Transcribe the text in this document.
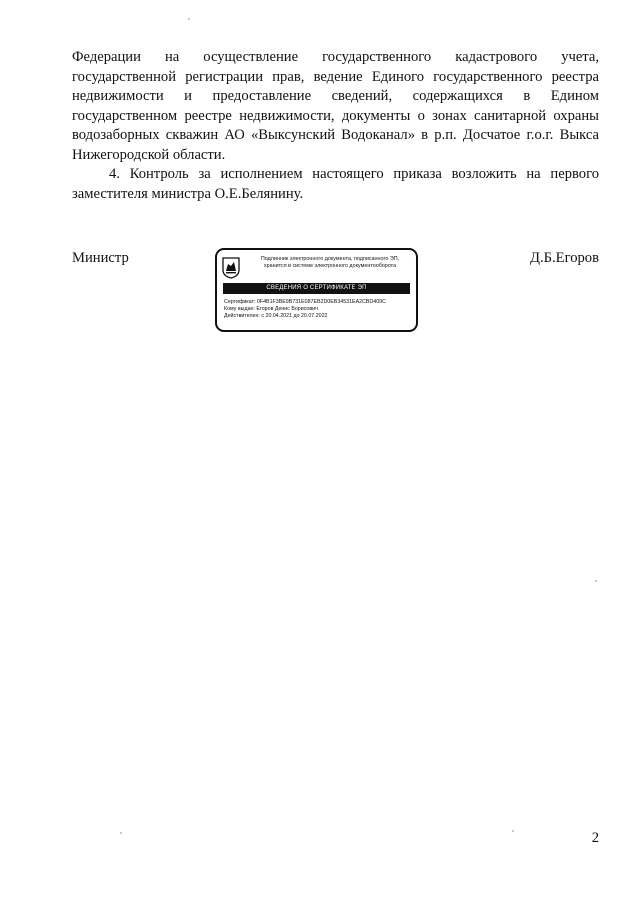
Федерации на осуществление государственного кадастрового учета, государственной регистрации прав, ведение Единого государственного реестра недвижимости и предоставление сведений, содержащихся в Едином государственном реестре недвижимости, документы о зонах санитарной охраны водозаборных скважин АО «Выксунский Водоканал» в р.п. Досчатое г.о.г. Выкса Нижегородской области.

4. Контроль за исполнением настоящего приказа возложить на первого заместителя министра О.Е.Белянину.

Министр	Подлинник электронного документа, подписанного ЭП,
хранится в системе электронного документооборота
СВЕДЕНИЯ О СЕРТИФИКАТЕ ЭП
Сертификат: 0F4B1F3BE9B731E087EB2D0EB34531EA2CBD409C
Кому выдан: Егоров Денис Борисович
Действителен: с 20.04.2021 до 20.07.2022
Д.Б.Егоров
2
